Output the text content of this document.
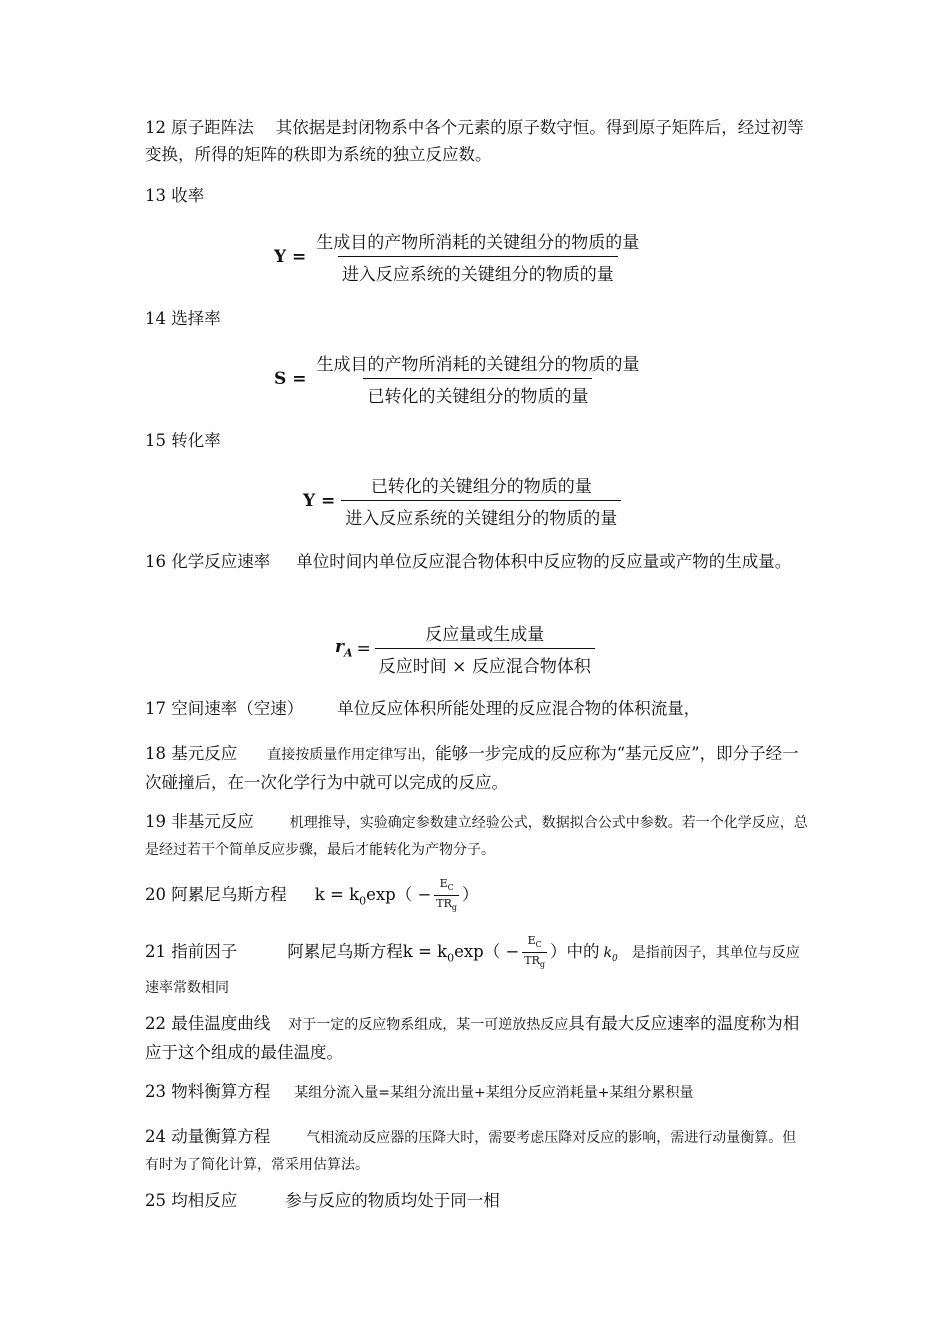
12 原子距阵法 其依据是封闭物系中各个元素的原子数守恒。得到原子矩阵后，经过初等变换，所得的矩阵的秩即为系统的独立反应数。
13 收率
$Y = \frac{\text{生成目的产物所消耗的关键组分的物质的量}}{\text{进入反应系统的关键组分的物质的量}}$
14 选择率
$S = \frac{\text{生成目的产物所消耗的关键组分的物质的量}}{\text{已转化的关键组分的物质的量}}$
15 转化率
$Y = \frac{\text{已转化的关键组分的物质的量}}{\text{进入反应系统的关键组分的物质的量}}$
16 化学反应速率 单位时间内单位反应混合物体积中反应物的反应量或产物的生成量。
$r_A = \frac{\text{反应量或生成量}}{\text{反应时间 × 反应混合物体积}}$
17 空间速率（空速） 单位反应体积所能处理的反应混合物的体积流量，
18 基元反应 直接按质量作用定律写出，能够一步完成的反应称为“基元反应”，即分子经一次碰撞后，在一次化学行为中就可以完成的反应。
19 非基元反应	机理推导，实验确定参数建立经验公式，数据拟合公式中参数。若一个化学反应，总是经过若干个简单反应步骤，最后才能转化为产物分子。
20 阿累尼乌斯方程 $k = k_0\exp( - \frac{E_C}{TR_g}$ ）
21 指前因子	阿累尼乌斯方程$k = k_0\exp( - \frac{E_C}{TR_g}$ ）中的 $k_0$ 是指前因子，其单位与反应速率常数相同
22 最佳温度曲线 对于一定的反应物系组成，某一可逆放热反应具有最大反应速率的温度称为相应于这个组成的最佳温度。
23 物料衡算方程 某组分流入量=某组分流出量+某组分反应消耗量+某组分累积量
24 动量衡算方程	气相流动反应器的压降大时，需要考虑压降对反应的影响，需进行动量衡算。但有时为了简化计算，常采用估算法。
25 均相反应	参与反应的物质均处于同一相
